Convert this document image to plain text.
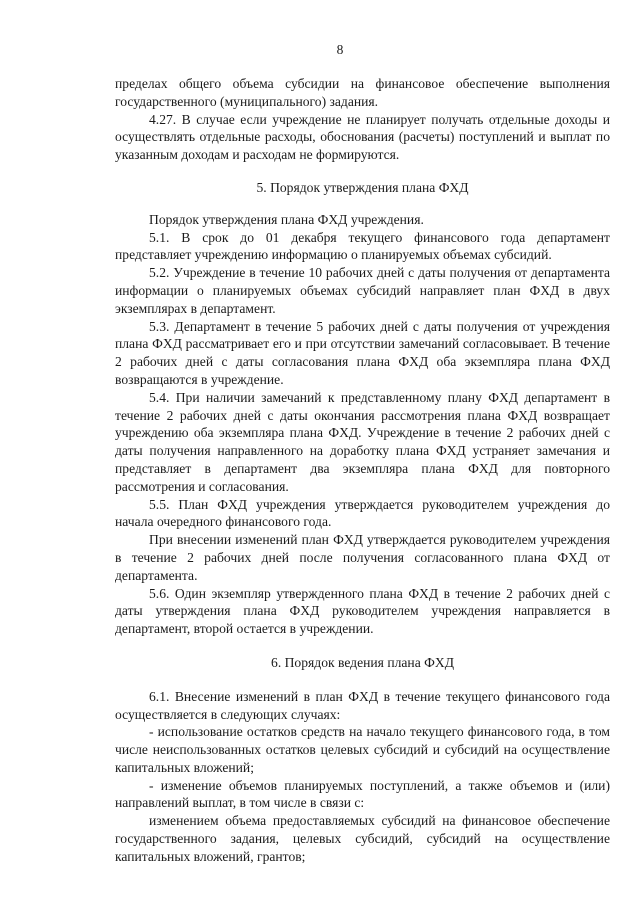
8

пределах общего объема субсидии на финансовое обеспечение выполнения государственного (муниципального) задания.

4.27. В случае если учреждение не планирует получать отдельные доходы и осуществлять отдельные расходы, обоснования (расчеты) поступлений и выплат по указанным доходам и расходам не формируются.

5. Порядок утверждения плана ФХД

Порядок утверждения плана ФХД учреждения.

5.1. В срок до 01 декабря текущего финансового года департамент представляет учреждению информацию о планируемых объемах субсидий.

5.2. Учреждение в течение 10 рабочих дней с даты получения от департамента информации о планируемых объемах субсидий направляет план ФХД в двух экземплярах в департамент.

5.3. Департамент в течение 5 рабочих дней с даты получения от учреждения плана ФХД рассматривает его и при отсутствии замечаний согласовывает. В течение 2 рабочих дней с даты согласования плана ФХД оба экземпляра плана ФХД возвращаются в учреждение.

5.4. При наличии замечаний к представленному плану ФХД департамент в течение 2 рабочих дней с даты окончания рассмотрения плана ФХД возвращает учреждению оба экземпляра плана ФХД. Учреждение в течение 2 рабочих дней с даты получения направленного на доработку плана ФХД устраняет замечания и представляет в департамент два экземпляра плана ФХД для повторного рассмотрения и согласования.

5.5. План ФХД учреждения утверждается руководителем учреждения до начала очередного финансового года.

При внесении изменений план ФХД утверждается руководителем учреждения в течение 2 рабочих дней после получения согласованного плана ФХД от департамента.

5.6. Один экземпляр утвержденного плана ФХД в течение 2 рабочих дней с даты утверждения плана ФХД руководителем учреждения направляется в департамент, второй остается в учреждении.

6. Порядок ведения плана ФХД

6.1. Внесение изменений в план ФХД в течение текущего финансового года осуществляется в следующих случаях:

- использование остатков средств на начало текущего финансового года, в том числе неиспользованных остатков целевых субсидий и субсидий на осуществление капитальных вложений;

- изменение объемов планируемых поступлений, а также объемов и (или) направлений выплат, в том числе в связи с:

изменением объема предоставляемых субсидий на финансовое обеспечение государственного задания, целевых субсидий, субсидий на осуществление капитальных вложений, грантов;
